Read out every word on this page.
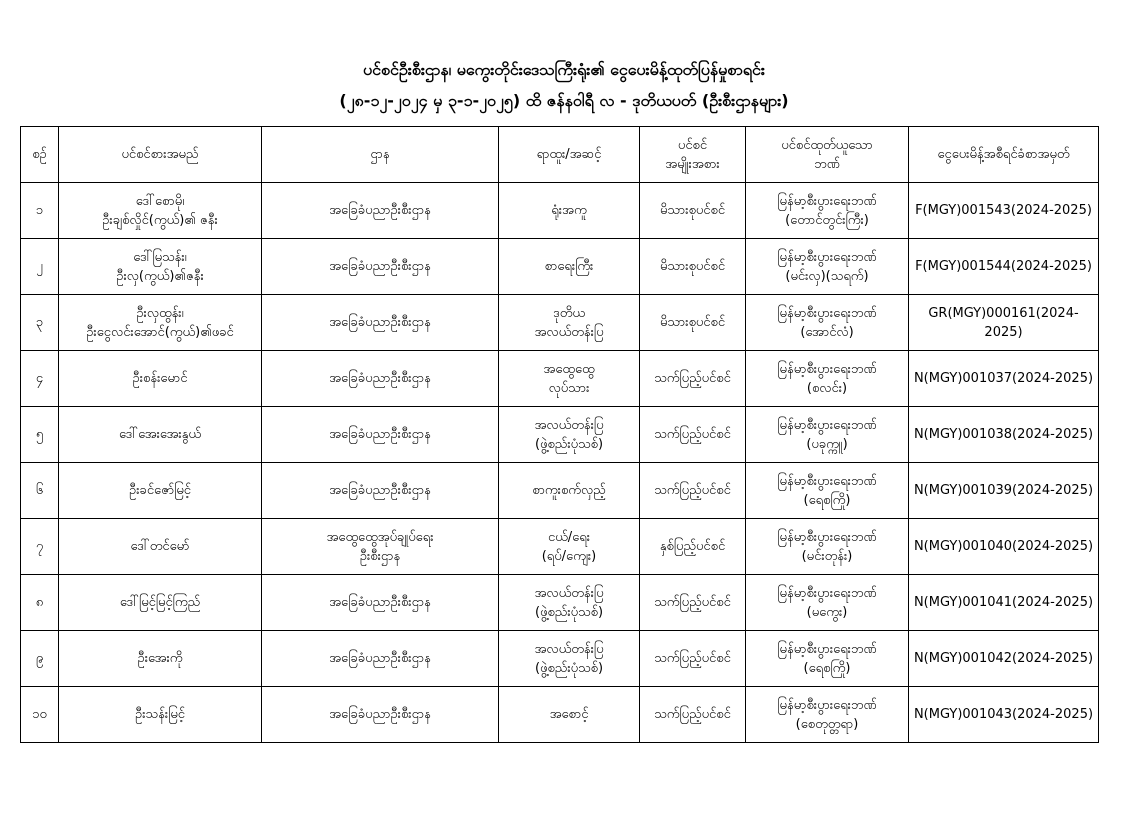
ပင်စင်ဦးစီးဌာန၊ မကွေးတိုင်းဒေသကြီးရုံး၏ ငွေပေးမိန့်ထုတ်ပြန်မှုစာရင်း
(၂၈-၁၂-၂၀၂၄ မှ ၃-၁-၂၀၂၅) ထိ ဇန်နဝါရီ လ - ဒုတိယပတ် (ဦးစီးဌာနများ)
စဉ်	ပင်စင်စားအမည်	ဌာန	ရာထူး/အဆင့်	ပင်စင်
အမျိုးအစား	ပင်စင်ထုတ်ယူသော
ဘဏ်	ငွေပေးမိန့်အစီရင်ခံစာအမှတ်
၁	ဒေါ်စောမို၊
ဦးချစ်လှိုင်(ကွယ်)၏ ဇနီး	အခြေခံပညာဦးစီးဌာန	ရုံးအကူ	မိသားစုပင်စင်	မြန်မာ့စီးပွားရေးဘဏ်
(တောင်တွင်းကြီး)	F(MGY)001543(2024-2025)
၂	ဒေါ်မြသန်း၊
ဦးလှ(ကွယ်)၏ဇနီး	အခြေခံပညာဦးစီးဌာန	စာရေးကြီး	မိသားစုပင်စင်	မြန်မာ့စီးပွားရေးဘဏ်
(မင်းလှ)(သရက်)	F(MGY)001544(2024-2025)
၃	ဦးလှထွန်း၊
ဦးငွေလင်းအောင်(ကွယ်)၏ဖခင်	အခြေခံပညာဦးစီးဌာန	ဒုတိယ
အလယ်တန်းပြ	မိသားစုပင်စင်	မြန်မာ့စီးပွားရေးဘဏ်
(အောင်လံ)	GR(MGY)000161(2024-2025)
၄	ဦးစန်းမောင်	အခြေခံပညာဦးစီးဌာန	အထွေထွေ
လုပ်သား	သက်ပြည့်ပင်စင်	မြန်မာ့စီးပွားရေးဘဏ်
(စလင်း)	N(MGY)001037(2024-2025)
၅	ဒေါ်အေးအေးနွယ်	အခြေခံပညာဦးစီးဌာန	အလယ်တန်းပြ
(ဖွဲ့စည်းပုံသစ်)	သက်ပြည့်ပင်စင်	မြန်မာ့စီးပွားရေးဘဏ်
(ပခုက္ကူ)	N(MGY)001038(2024-2025)
၆	ဦးခင်ဇော်မြင့်	အခြေခံပညာဦးစီးဌာန	စာကူးစက်လှည့်	သက်ပြည့်ပင်စင်	မြန်မာ့စီးပွားရေးဘဏ်
(ရေစကြို)	N(MGY)001039(2024-2025)
၇	ဒေါ်တင်မော်	အထွေထွေအုပ်ချုပ်ရေး
ဦးစီးဌာန	ငယ်/ရေး
(ရပ်/ကျေး)	နှစ်ပြည့်ပင်စင်	မြန်မာ့စီးပွားရေးဘဏ်
(မင်းတုန်း)	N(MGY)001040(2024-2025)
၈	ဒေါ်မြင့်မြင့်ကြည်	အခြေခံပညာဦးစီးဌာန	အလယ်တန်းပြ
(ဖွဲ့စည်းပုံသစ်)	သက်ပြည့်ပင်စင်	မြန်မာ့စီးပွားရေးဘဏ်
(မကွေး)	N(MGY)001041(2024-2025)
၉	ဦးအေးကို	အခြေခံပညာဦးစီးဌာန	အလယ်တန်းပြ
(ဖွဲ့စည်းပုံသစ်)	သက်ပြည့်ပင်စင်	မြန်မာ့စီးပွားရေးဘဏ်
(ရေစကြို)	N(MGY)001042(2024-2025)
၁၀	ဦးသန်းမြင့်	အခြေခံပညာဦးစီးဌာန	အစောင့်	သက်ပြည့်ပင်စင်	မြန်မာ့စီးပွားရေးဘဏ်
(စေတုတ္တရာ)	N(MGY)001043(2024-2025)
